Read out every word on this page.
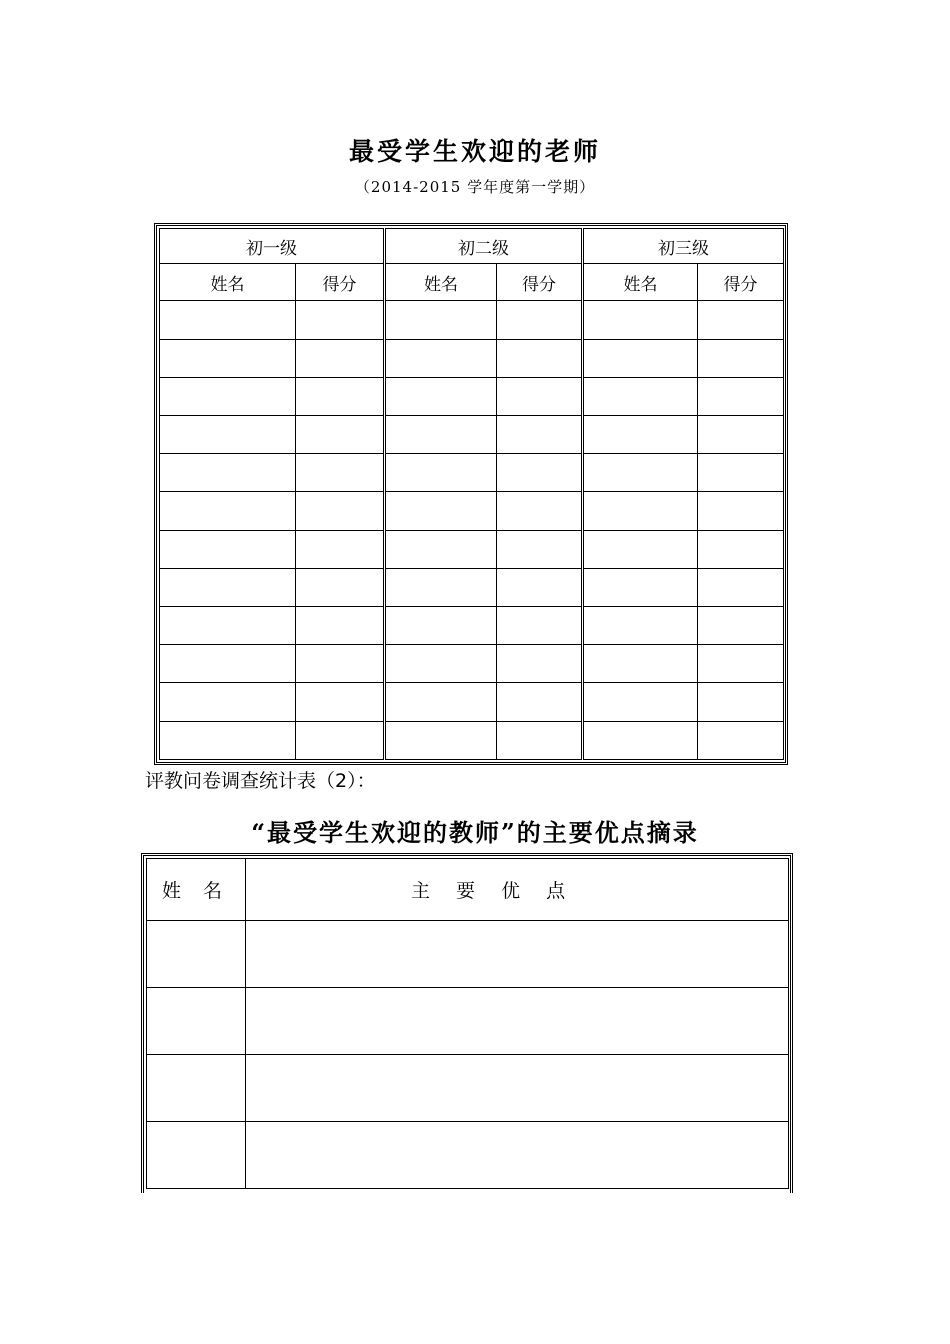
最受学生欢迎的老师
（2014-2015 学年度第一学期）
初一级		初二级		初三级	
姓名	得分	姓名	得分	姓名	得分

评教问卷调查统计表（2）：
“最受学生欢迎的教师”的主要优点摘录
姓 名	主 要 优 点
